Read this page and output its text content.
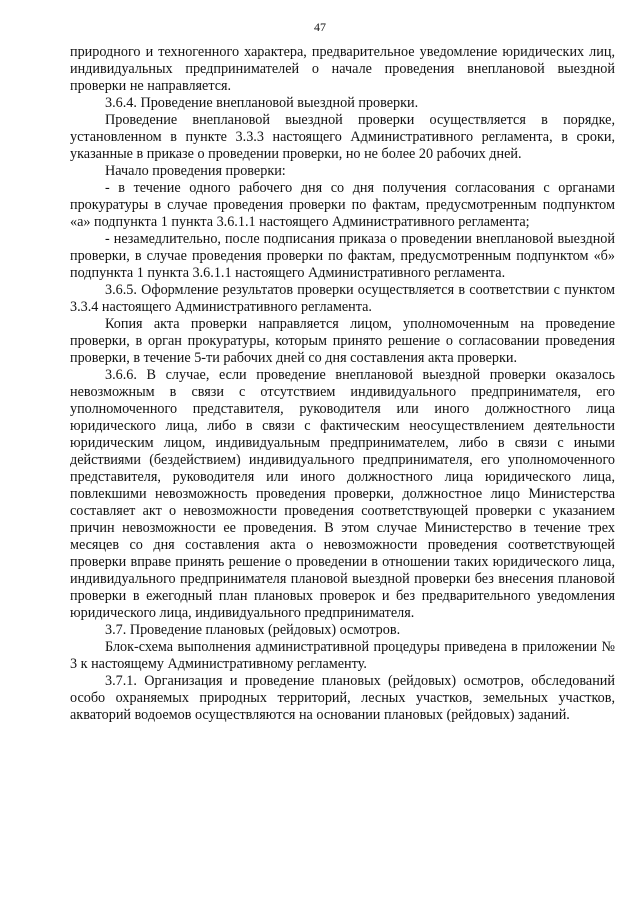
47

природного и техногенного характера, предварительное уведомление юридических лиц, индивидуальных предпринимателей о начале проведения внеплановой выездной проверки не направляется.

3.6.4. Проведение внеплановой выездной проверки.

Проведение внеплановой выездной проверки осуществляется в порядке, установленном в пункте 3.3.3 настоящего Административного регламента, в сроки, указанные в приказе о проведении проверки, но не более 20 рабочих дней.

Начало проведения проверки:

- в течение одного рабочего дня со дня получения согласования с органами прокуратуры в случае проведения проверки по фактам, предусмотренным подпунктом «а» подпункта 1 пункта 3.6.1.1 настоящего Административного регламента;

- незамедлительно, после подписания приказа о проведении внеплановой выездной проверки, в случае проведения проверки по фактам, предусмотренным подпунктом «б» подпункта 1 пункта 3.6.1.1 настоящего Административного регламента.

3.6.5. Оформление результатов проверки осуществляется в соответствии с пунктом 3.3.4 настоящего Административного регламента.

Копия акта проверки направляется лицом, уполномоченным на проведение проверки, в орган прокуратуры, которым принято решение о согласовании проведения проверки, в течение 5-ти рабочих дней со дня составления акта проверки.

3.6.6. В случае, если проведение внеплановой выездной проверки оказалось невозможным в связи с отсутствием индивидуального предпринимателя, его уполномоченного представителя, руководителя или иного должностного лица юридического лица, либо в связи с фактическим неосуществлением деятельности юридическим лицом, индивидуальным предпринимателем, либо в связи с иными действиями (бездействием) индивидуального предпринимателя, его уполномоченного представителя, руководителя или иного должностного лица юридического лица, повлекшими невозможность проведения проверки, должностное лицо Министерства составляет акт о невозможности проведения соответствующей проверки с указанием причин невозможности ее проведения. В этом случае Министерство в течение трех месяцев со дня составления акта о невозможности проведения соответствующей проверки вправе принять решение о проведении в отношении таких юридического лица, индивидуального предпринимателя плановой выездной проверки без внесения плановой проверки в ежегодный план плановых проверок и без предварительного уведомления юридического лица, индивидуального предпринимателя.

3.7. Проведение плановых (рейдовых) осмотров.

Блок-схема выполнения административной процедуры приведена в приложении № 3 к настоящему Административному регламенту.

3.7.1. Организация и проведение плановых (рейдовых) осмотров, обследований особо охраняемых природных территорий, лесных участков, земельных участков, акваторий водоемов осуществляются на основании плановых (рейдовых) заданий.
